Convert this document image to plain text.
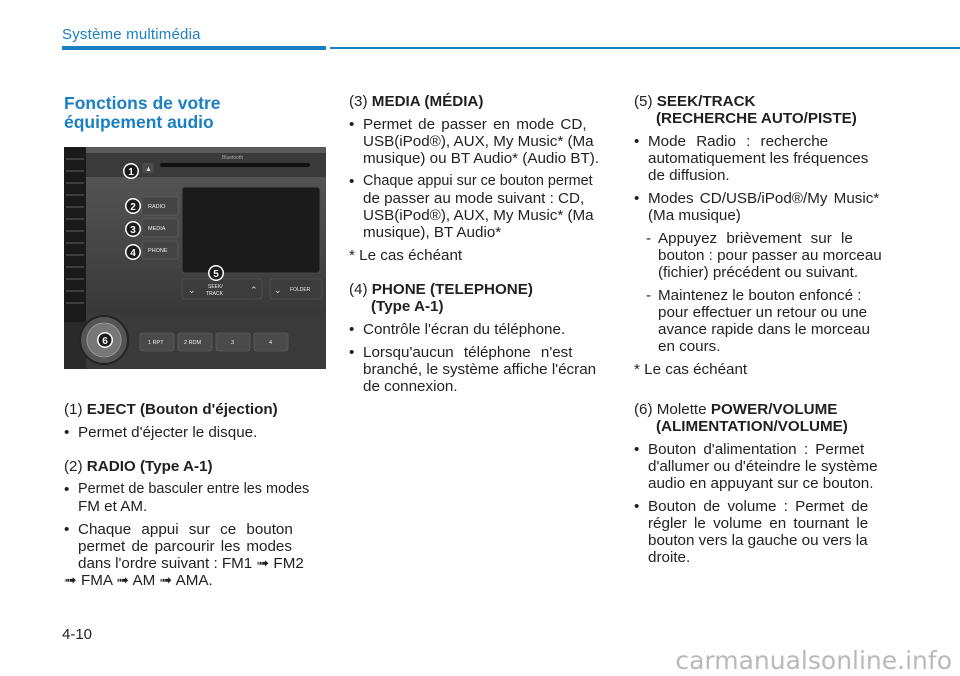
Système multimédia

Fonctions de votre

équipement audio

Bluetooth
▲
RADIO
MEDIA
PHONE
⌄	⌃
SEEK/
TRACK	⌄ FOLDER
1 RPT	2 RDM	3	4
1
2
3
4
5
6

(1) EJECT (Bouton d'éjection)

• Permet d'éjecter le disque.

(2) RADIO (Type A-1)

• Permet de basculer entre les modes
FM et AM.
• Chaque appui sur ce bouton
permet de parcourir les modes
dans l'ordre suivant : FM1 ➟ FM2
➟ FMA ➟ AM ➟ AMA.

(3) MEDIA (MÉDIA)

• Permet de passer en mode CD,
USB(iPod®), AUX, My Music* (Ma
musique) ou BT Audio* (Audio BT).
• Chaque appui sur ce bouton permet
de passer au mode suivant : CD,
USB(iPod®), AUX, My Music* (Ma
musique), BT Audio*

* Le cas échéant

(4) PHONE (TELEPHONE)

(Type A-1)

• Contrôle l'écran du téléphone.
• Lorsqu'aucun téléphone n'est
branché, le système affiche l'écran
de connexion.

(5) SEEK/TRACK

(RECHERCHE AUTO/PISTE)

• Mode Radio : recherche
automatiquement les fréquences
de diffusion.
• Modes CD/USB/iPod®/My Music*
(Ma musique)
- Appuyez brièvement sur le
bouton : pour passer au morceau
(fichier) précédent ou suivant.
- Maintenez le bouton enfoncé :
pour effectuer un retour ou une
avance rapide dans le morceau
en cours.

* Le cas échéant

(6) Molette POWER/VOLUME

(ALIMENTATION/VOLUME)

• Bouton d'alimentation : Permet
d'allumer ou d'éteindre le système
audio en appuyant sur ce bouton.
• Bouton de volume : Permet de
régler le volume en tournant le
bouton vers la gauche ou vers la
droite.
4-10
carmanualsonline.info
